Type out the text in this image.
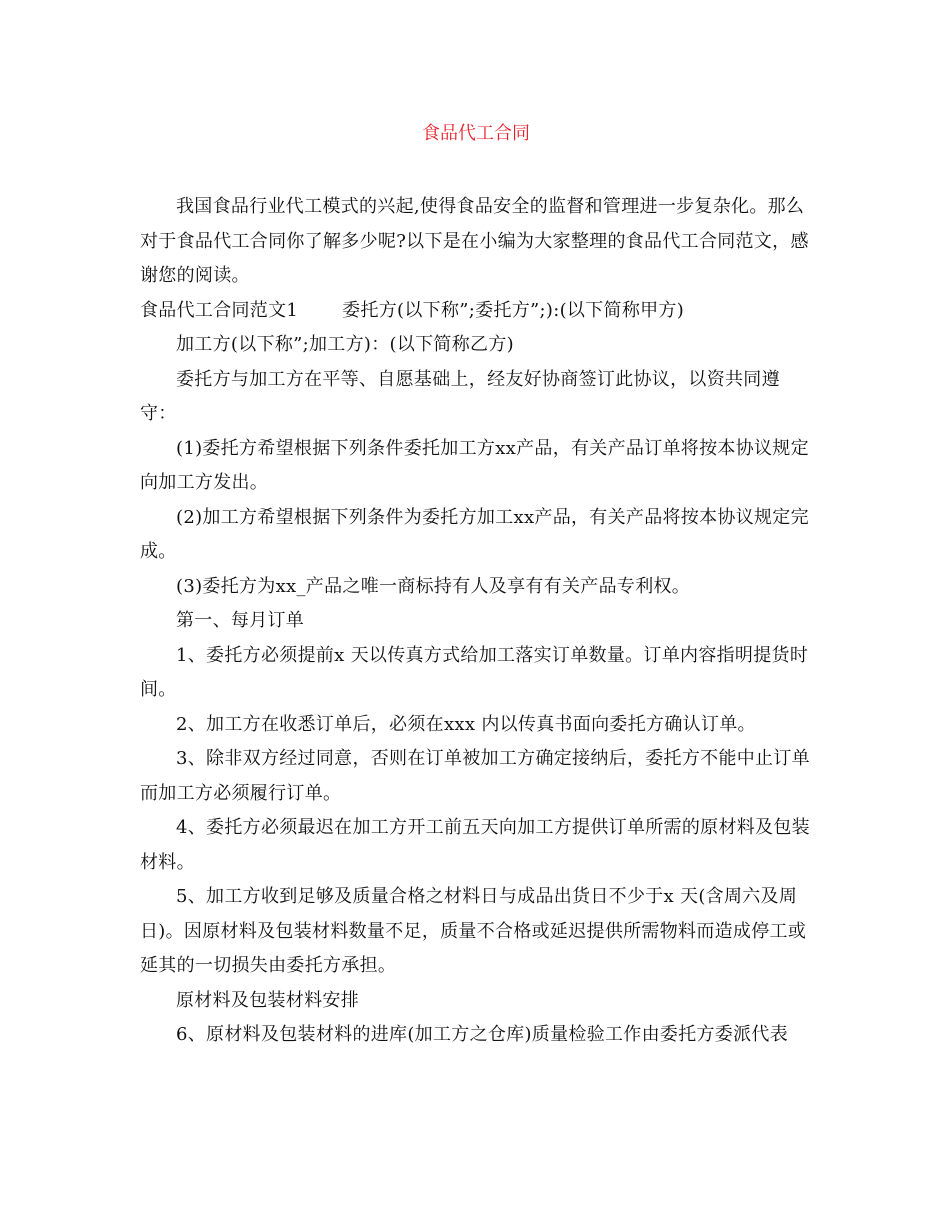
食品代工合同

我国食品行业代工模式的兴起,使得食品安全的监督和管理进一步复杂化。那么对于食品代工合同你了解多少呢?以下是在小编为大家整理的食品代工合同范文，感谢您的阅读。

食品代工合同范文1 委托方(以下称”;委托方”;):(以下简称甲方)

加工方(以下称”;加工方)：(以下简称乙方)

委托方与加工方在平等、自愿基础上，经友好协商签订此协议，以资共同遵守：

(1)委托方希望根据下列条件委托加工方xx产品，有关产品订单将按本协议规定向加工方发出。

(2)加工方希望根据下列条件为委托方加工xx产品，有关产品将按本协议规定完成。

(3)委托方为xx_产品之唯一商标持有人及享有有关产品专利权。

第一、每月订单

1、委托方必须提前x 天以传真方式给加工落实订单数量。订单内容指明提货时间。

2、加工方在收悉订单后，必须在xxx 内以传真书面向委托方确认订单。

3、除非双方经过同意，否则在订单被加工方确定接纳后，委托方不能中止订单而加工方必须履行订单。

4、委托方必须最迟在加工方开工前五天向加工方提供订单所需的原材料及包装材料。

5、加工方收到足够及质量合格之材料日与成品出货日不少于x 天(含周六及周日)。因原材料及包装材料数量不足，质量不合格或延迟提供所需物料而造成停工或延其的一切损失由委托方承担。

原材料及包装材料安排

6、原材料及包装材料的进库(加工方之仓库)质量检验工作由委托方委派代表
